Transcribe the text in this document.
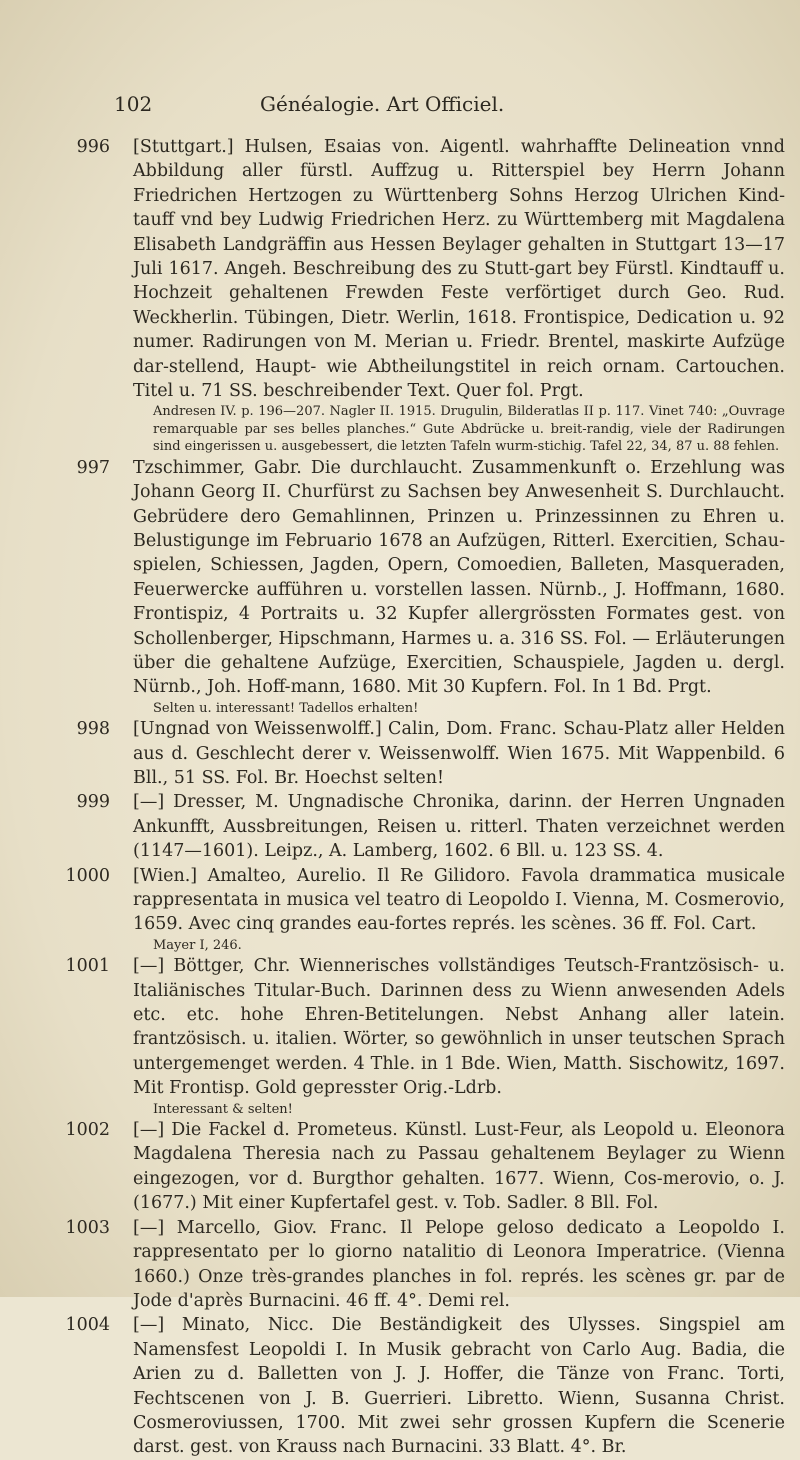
102	Généalogie. Art Officiel.
996 [Stuttgart.] Hulsen, Esaias von. Aigentl. wahrhaffte Delineation vnnd Abbildung aller fürstl. Auffzug u. Ritterspiel bey Herrn Johann Friedrichen Hertzogen zu Württenberg Sohns Herzog Ulrichen Kind-tauff vnd bey Ludwig Friedrichen Herz. zu Württemberg mit Magdalena Elisabeth Landgräffin aus Hessen Beylager gehalten in Stuttgart 13—17 Juli 1617. Angeh. Beschreibung des zu Stutt-gart bey Fürstl. Kindtauff u. Hochzeit gehaltenen Frewden Feste verförtiget durch Geo. Rud. Weckherlin. Tübingen, Dietr. Werlin, 1618. Frontispice, Dedication u. 92 numer. Radirungen von M. Merian u. Friedr. Brentel, maskirte Aufzüge dar-stellend, Haupt- wie Abtheilungstitel in reich ornam. Cartouchen. Titel u. 71 SS. beschreibender Text. Quer fol. Prgt.
Andresen IV. p. 196—207. Nagler II. 1915. Drugulin, Bilderatlas II p. 117. Vinet 740: „Ouvrage remarquable par ses belles planches.“ Gute Abdrücke u. breit-randig, viele der Radirungen sind eingerissen u. ausgebessert, die letzten Tafeln wurm-stichig. Tafel 22, 34, 87 u. 88 fehlen.
997 Tzschimmer, Gabr. Die durchlaucht. Zusammenkunft o. Erzehlung was Johann Georg II. Churfürst zu Sachsen bey Anwesenheit S. Durchlaucht. Gebrüdere dero Gemahlinnen, Prinzen u. Prinzessinnen zu Ehren u. Belustigunge im Februario 1678 an Aufzügen, Ritterl. Exercitien, Schau-spielen, Schiessen, Jagden, Opern, Comoedien, Balleten, Masqueraden, Feuerwercke aufführen u. vorstellen lassen. Nürnb., J. Hoffmann, 1680. Frontispiz, 4 Portraits u. 32 Kupfer allergrössten Formates gest. von Schollenberger, Hipschmann, Harmes u. a. 316 SS. Fol. — Erläuterungen über die gehaltene Aufzüge, Exercitien, Schauspiele, Jagden u. dergl. Nürnb., Joh. Hoff-mann, 1680. Mit 30 Kupfern. Fol. In 1 Bd. Prgt.
Selten u. interessant! Tadellos erhalten!
998 [Ungnad von Weissenwolff.] Calin, Dom. Franc. Schau-Platz aller Helden aus d. Geschlecht derer v. Weissenwolff. Wien 1675. Mit Wappenbild. 6 Bll., 51 SS. Fol. Br. Hoechst selten!
999 [—] Dresser, M. Ungnadische Chronika, darinn. der Herren Ungnaden Ankunfft, Aussbreitungen, Reisen u. ritterl. Thaten verzeichnet werden (1147—1601). Leipz., A. Lamberg, 1602. 6 Bll. u. 123 SS. 4.
1000 [Wien.] Amalteo, Aurelio. Il Re Gilidoro. Favola drammatica musicale rappresentata in musica vel teatro di Leopoldo I. Vienna, M. Cosmerovio, 1659. Avec cinq grandes eau-fortes représ. les scènes. 36 ff. Fol. Cart.
Mayer I, 246.
1001 [—] Böttger, Chr. Wiennerisches vollständiges Teutsch-Frantzösisch- u. Italiänisches Titular-Buch. Darinnen dess zu Wienn anwesenden Adels etc. etc. hohe Ehren-Betitelungen. Nebst Anhang aller latein. frantzösisch. u. italien. Wörter, so gewöhnlich in unser teutschen Sprach untergemenget werden. 4 Thle. in 1 Bde. Wien, Matth. Sischowitz, 1697. Mit Frontisp. Gold gepresster Orig.-Ldrb.
Interessant & selten!
1002 [—] Die Fackel d. Prometeus. Künstl. Lust-Feur, als Leopold u. Eleonora Magdalena Theresia nach zu Passau gehaltenem Beylager zu Wienn eingezogen, vor d. Burgthor gehalten. 1677. Wienn, Cos-merovio, o. J. (1677.) Mit einer Kupfertafel gest. v. Tob. Sadler. 8 Bll. Fol.
1003 [—] Marcello, Giov. Franc. Il Pelope geloso dedicato a Leopoldo I. rappresentato per lo giorno natalitio di Leonora Imperatrice. (Vienna 1660.) Onze très-grandes planches in fol. représ. les scènes gr. par de Jode d'après Burnacini. 46 ff. 4°. Demi rel.
1004 [—] Minato, Nicc. Die Beständigkeit des Ulysses. Singspiel am Namensfest Leopoldi I. In Musik gebracht von Carlo Aug. Badia, die Arien zu d. Balletten von J. J. Hoffer, die Tänze von Franc. Torti, Fechtscenen von J. B. Guerrieri. Libretto. Wienn, Susanna Christ. Cosmeroviussen, 1700. Mit zwei sehr grossen Kupfern die Scenerie darst. gest. von Krauss nach Burnacini. 33 Blatt. 4°. Br.
